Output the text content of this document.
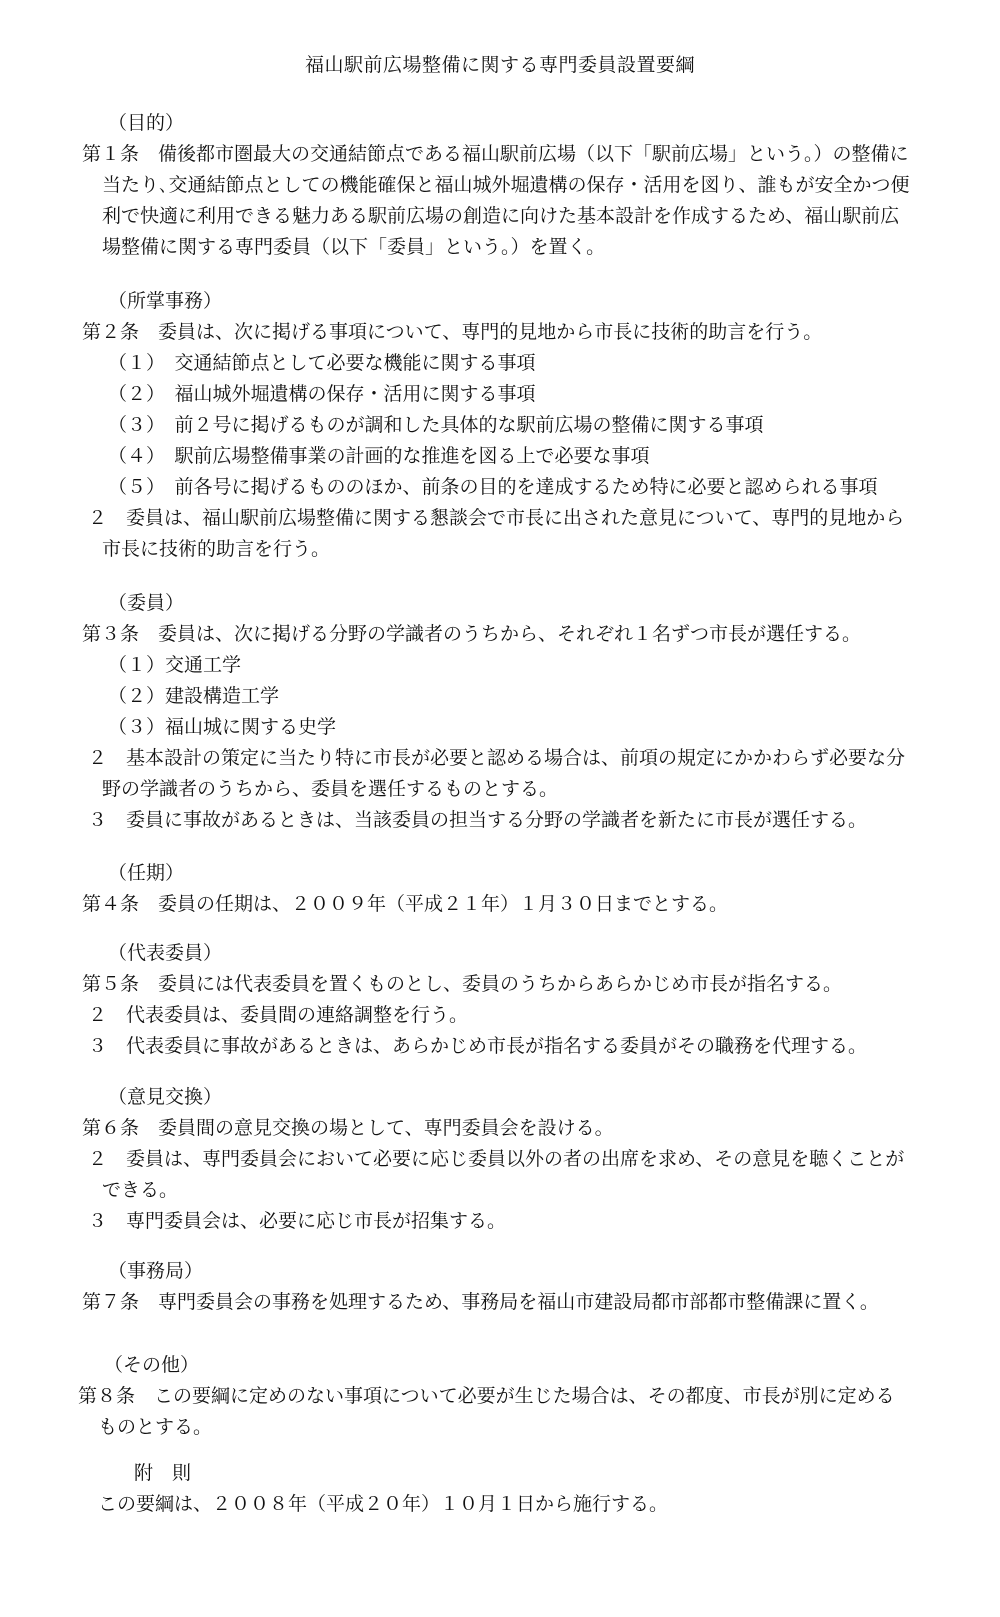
福山駅前広場整備に関する専門委員設置要綱
（目的）
第１条　備後都市圏最大の交通結節点である福山駅前広場（以下「駅前広場」という。）の整備に
当たり､交通結節点としての機能確保と福山城外堀遺構の保存・活用を図り、誰もが安全かつ便
利で快適に利用できる魅力ある駅前広場の創造に向けた基本設計を作成するため、福山駅前広
場整備に関する専門委員（以下「委員」という。）を置く。
（所掌事務）
第２条　委員は、次に掲げる事項について、専門的見地から市長に技術的助言を行う。
（１）　交通結節点として必要な機能に関する事項
（２）　福山城外堀遺構の保存・活用に関する事項
（３）　前２号に掲げるものが調和した具体的な駅前広場の整備に関する事項
（４）　駅前広場整備事業の計画的な推進を図る上で必要な事項
（５）　前各号に掲げるもののほか、前条の目的を達成するため特に必要と認められる事項
２　委員は、福山駅前広場整備に関する懇談会で市長に出された意見について、専門的見地から
市長に技術的助言を行う。
（委員）
第３条　委員は、次に掲げる分野の学識者のうちから、それぞれ１名ずつ市長が選任する。
（１）交通工学
（２）建設構造工学
（３）福山城に関する史学
２　基本設計の策定に当たり特に市長が必要と認める場合は、前項の規定にかかわらず必要な分
野の学識者のうちから、委員を選任するものとする。
３　委員に事故があるときは、当該委員の担当する分野の学識者を新たに市長が選任する。
（任期）
第４条　委員の任期は、２００９年（平成２１年）１月３０日までとする。
（代表委員）
第５条　委員には代表委員を置くものとし、委員のうちからあらかじめ市長が指名する。
２　代表委員は、委員間の連絡調整を行う。
３　代表委員に事故があるときは、あらかじめ市長が指名する委員がその職務を代理する。
（意見交換）
第６条　委員間の意見交換の場として、専門委員会を設ける。
２　委員は、専門委員会において必要に応じ委員以外の者の出席を求め、その意見を聴くことが
できる。
３　専門委員会は、必要に応じ市長が招集する。
（事務局）
第７条　専門委員会の事務を処理するため、事務局を福山市建設局都市部都市整備課に置く。
（その他）
第８条　この要綱に定めのない事項について必要が生じた場合は、その都度、市長が別に定める
ものとする。
附　則
この要綱は、２００８年（平成２０年）１０月１日から施行する。
